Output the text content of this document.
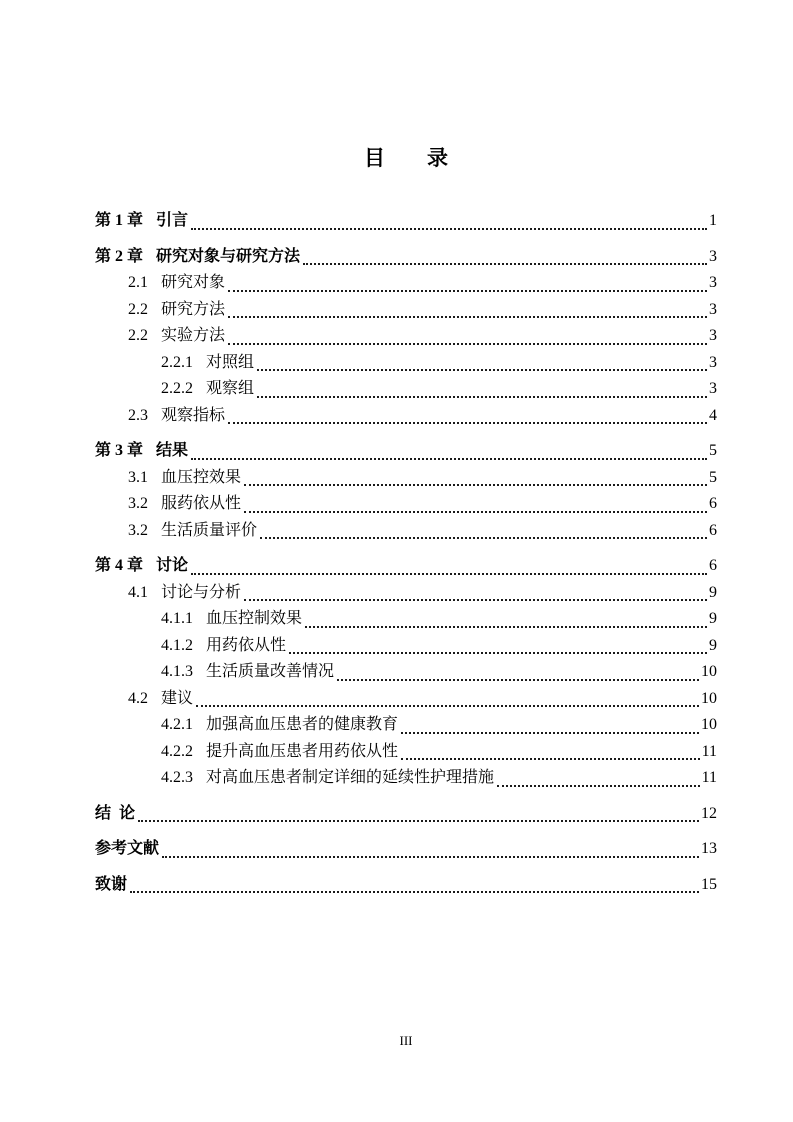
目　　录
第 1 章 引言	1
第 2 章 研究对象与研究方法	3
2.1 研究对象	3
2.2 研究方法	3
2.2 实验方法	3
2.2.1 对照组	3
2.2.2 观察组	3
2.3 观察指标	4
第 3 章 结果	5
3.1 血压控效果	5
3.2 服药依从性	6
3.2 生活质量评价	6
第 4 章 讨论	6
4.1 讨论与分析	9
4.1.1 血压控制效果	9
4.1.2 用药依从性	9
4.1.3 生活质量改善情况	10
4.2 建议	10
4.2.1 加强高血压患者的健康教育	10
4.2.2 提升高血压患者用药依从性	11
4.2.3 对高血压患者制定详细的延续性护理措施	11
结  论	12
参考文献	13
致谢	15
III
